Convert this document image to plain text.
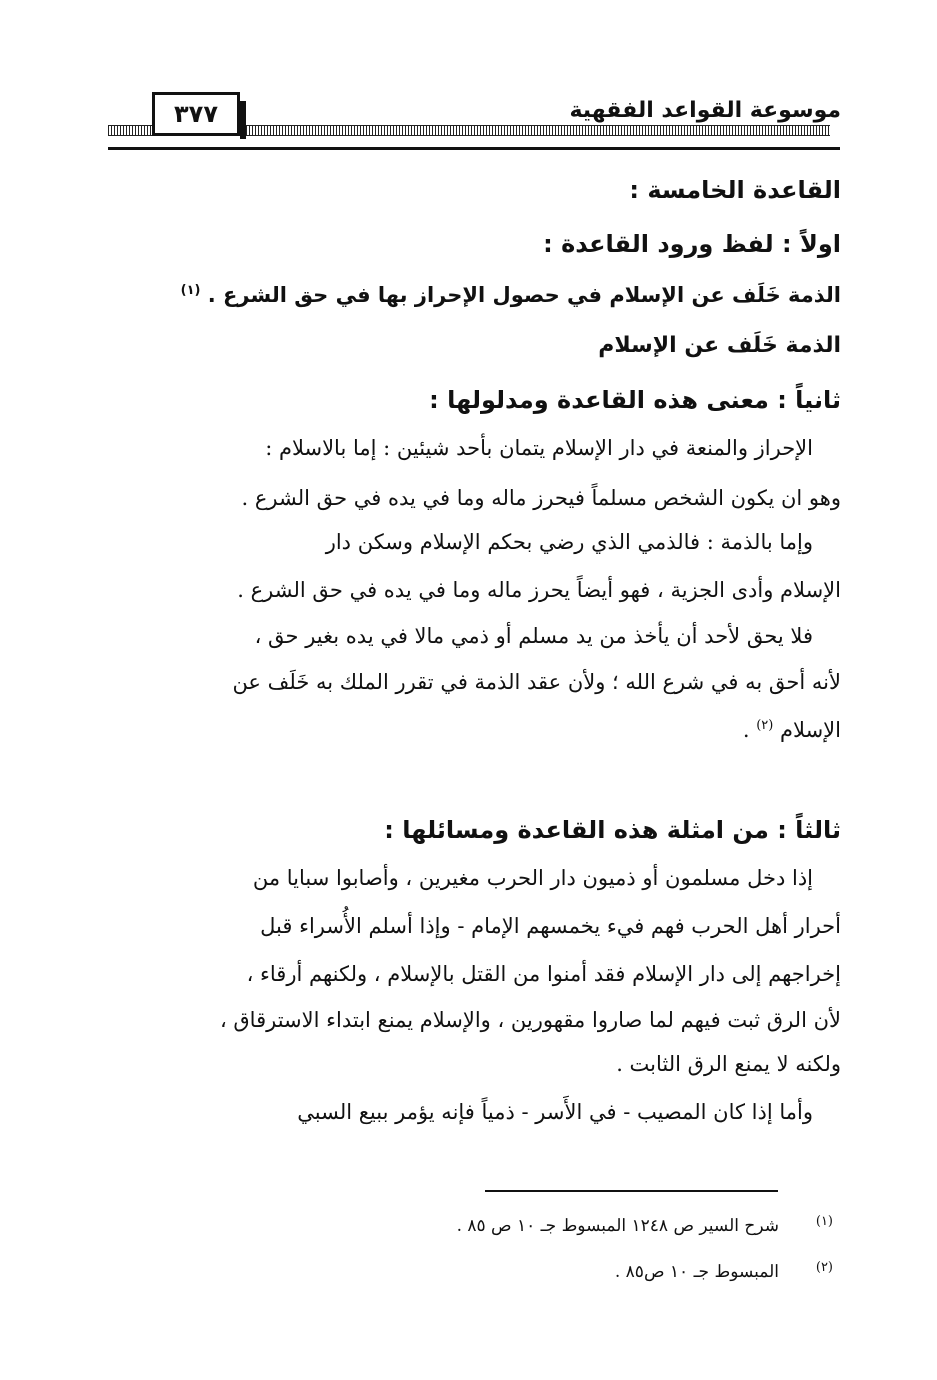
٣٧٧	موسوعة القواعد الفقهية
القاعدة الخامسة :
اولاً : لفظ ورود القاعدة :
الذمة خَلَف عن الإسلام في حصول الإحراز بها في حق الشرع . $^{(١)}$
الذمة خَلَف عن الإسلام
ثانياً : معنى هذه القاعدة ومدلولها :
الإحراز والمنعة في دار الإسلام يتمان بأحد شيئين : إما بالاسلام :
وهو ان يكون الشخص مسلماً فيحرز ماله وما في يده في حق الشرع .
وإما بالذمة : فالذمي الذي رضي بحكم الإسلام وسكن دار
الإسلام وأدى الجزية ، فهو أيضاً يحرز ماله وما في يده في حق الشرع .
فلا يحق لأحد أن يأخذ من يد مسلم أو ذمي مالا في يده بغير حق ،
لأنه أحق به في شرع الله ؛ ولأن عقد الذمة في تقرر الملك به خَلَف عن
الإسلام $^{(٢)}$ .
ثالثاً : من امثلة هذه القاعدة ومسائلها :
إذا دخل مسلمون أو ذميون دار الحرب مغيرين ، وأصابوا سبايا من
أحرار أهل الحرب فهم فيء يخمسهم الإمام - وإذا أسلم الأُسراء قبل
إخراجهم إلى دار الإسلام فقد أمنوا من القتل بالإسلام ، ولكنهم أرقاء ،
لأن الرق ثبت فيهم لما صاروا مقهورين ، والإسلام يمنع ابتداء الاسترقاق ،
ولكنه لا يمنع الرق الثابت .
وأما إذا كان المصيب - في الأَسر - ذمياً فإنه يؤمر ببيع السبي
(١)
شرح السير ص ١٢٤٨ المبسوط جـ ١٠ ص ٨٥ .
(٢)
المبسوط جـ ١٠ ص٨٥ .
